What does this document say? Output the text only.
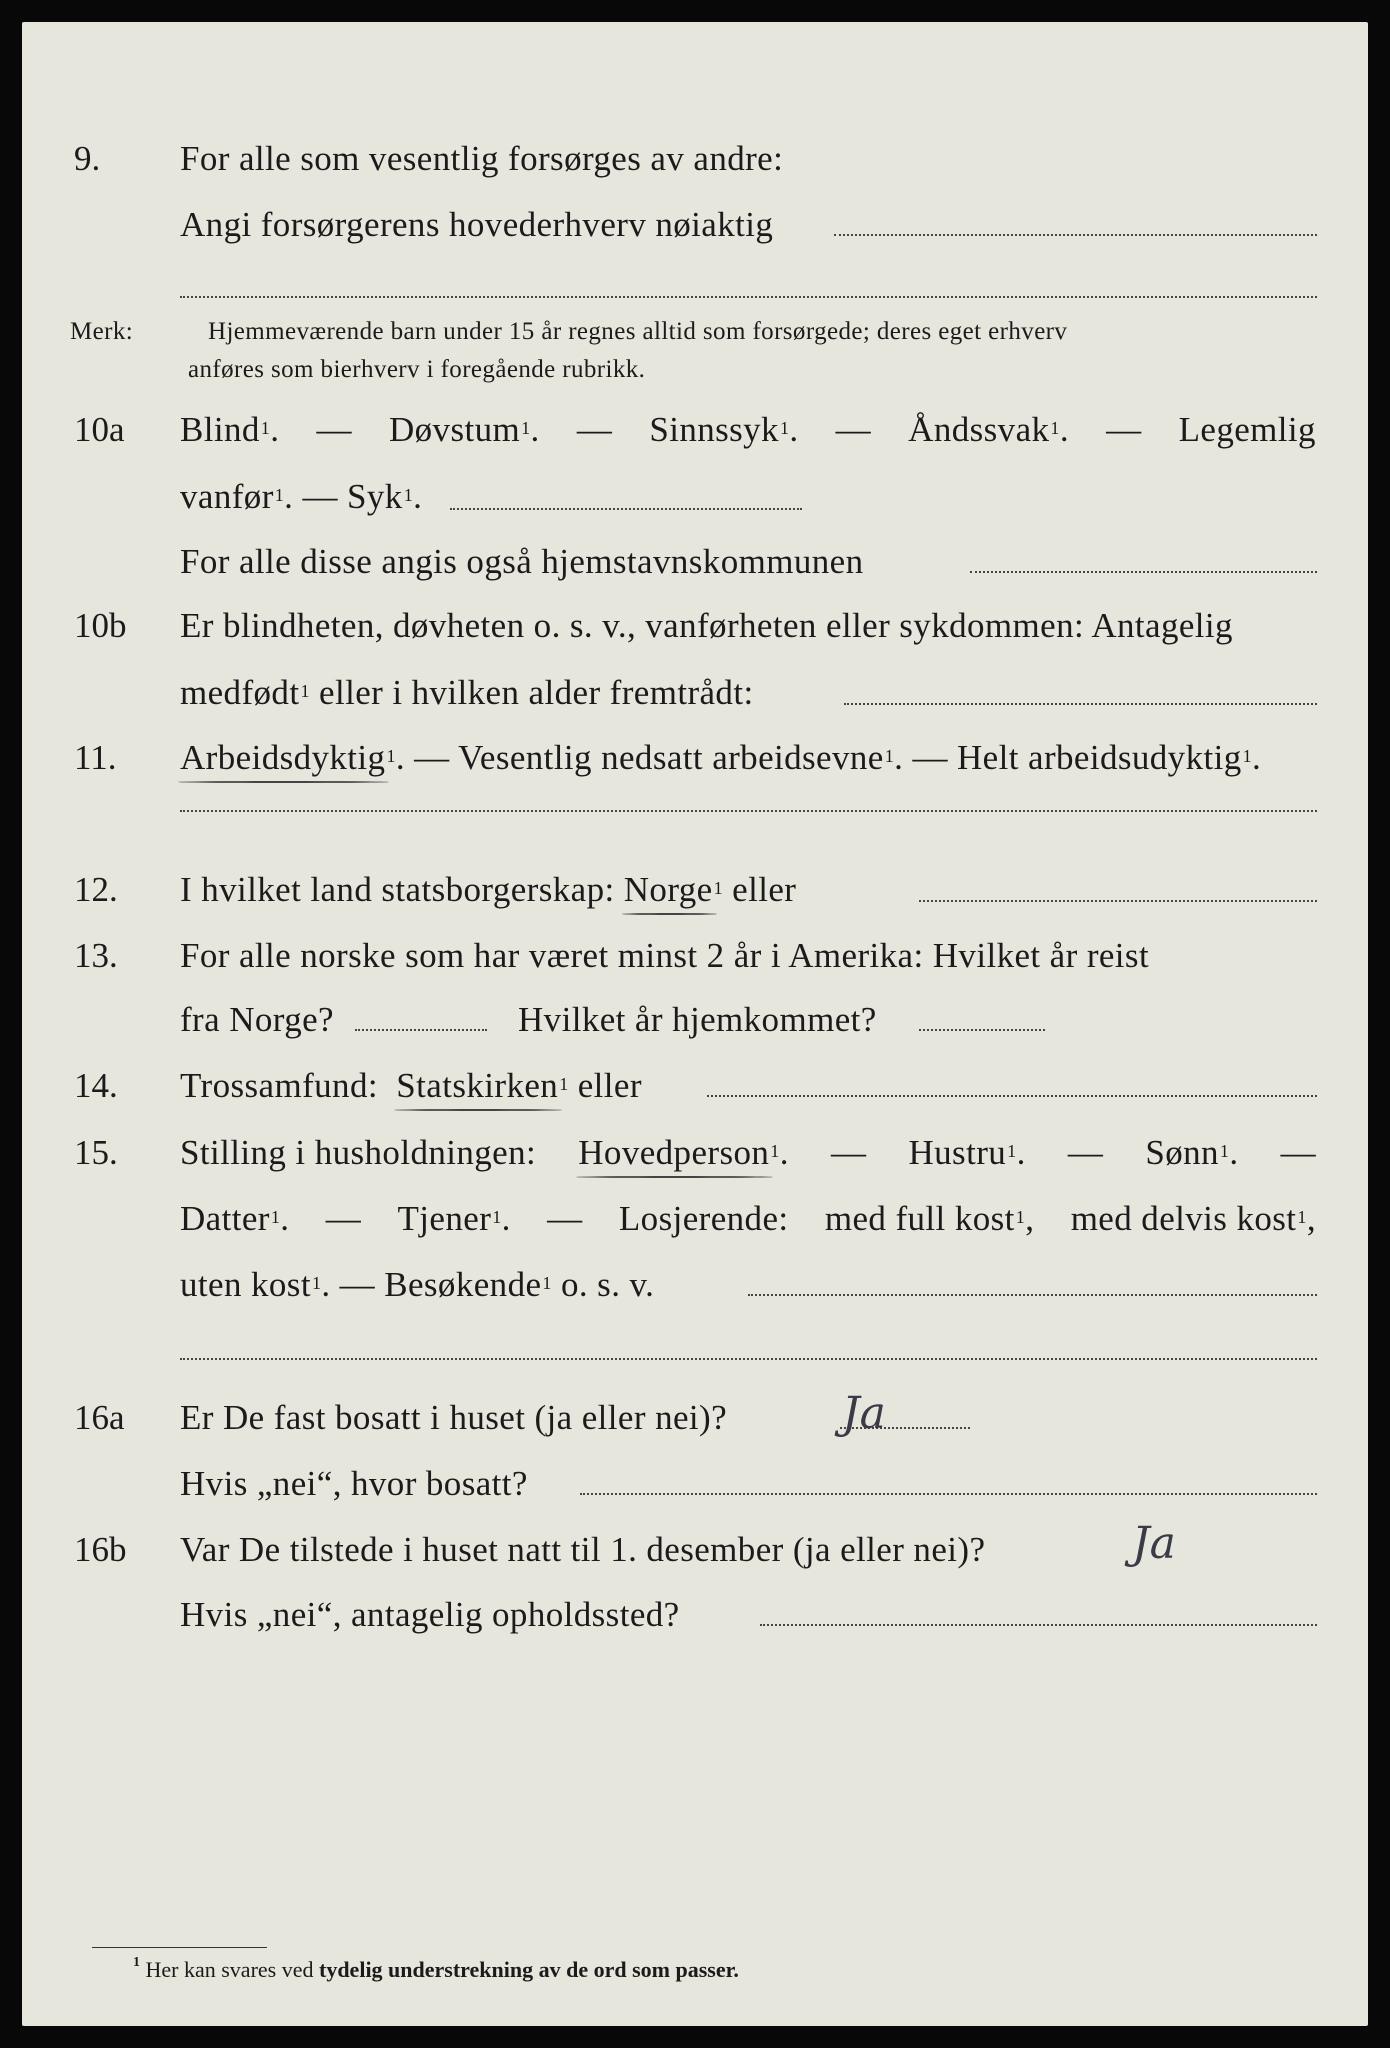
9. For alle som vesentlig forsørges av andre:
Angi forsørgerens hovederhverv nøiaktig
Merk:	Hjemmeværende barn under 15 år regnes alltid som forsørgede; deres eget erhverv
anføres som bierhverv i foregående rubrikk.
10a Blind$^1$. — Døvstum$^1$. — Sinnssyk$^1$. — Åndssvak$^1$. — Legemlig
vanfør$^1$. — Syk$^1$.
For alle disse angis også hjemstavnskommunen
10b Er blindheten, døvheten o. s. v., vanførheten eller sykdommen: Antagelig
medfødt$^1$ eller i hvilken alder fremtrådt:
11. Arbeidsdyktig$^1$. — Vesentlig nedsatt arbeidsevne$^1$. — Helt arbeidsudyktig$^1$.
12. I hvilket land statsborgerskap: Norge$^1$ eller
13. For alle norske som har været minst 2 år i Amerika: Hvilket år reist
fra Norge?	Hvilket år hjemkommet?
14. Trossamfund: Statskirken$^1$ eller
15. Stilling i husholdningen: Hovedperson$^1$. — Hustru$^1$. — Sønn$^1$. —
Datter$^1$. — Tjener$^1$. — Losjerende: med full kost$^1$, med delvis kost$^1$,
uten kost$^1$. — Besøkende$^1$ o. s. v.
16a Er De fast bosatt i huset (ja eller nei)?	Ja
Hvis „nei“, hvor bosatt?
16b Var De tilstede i huset natt til 1. desember (ja eller nei)?	Ja
Hvis „nei“, antagelig opholdssted?
$^1$ Her kan svares ved tydelig understrekning av de ord som passer.
